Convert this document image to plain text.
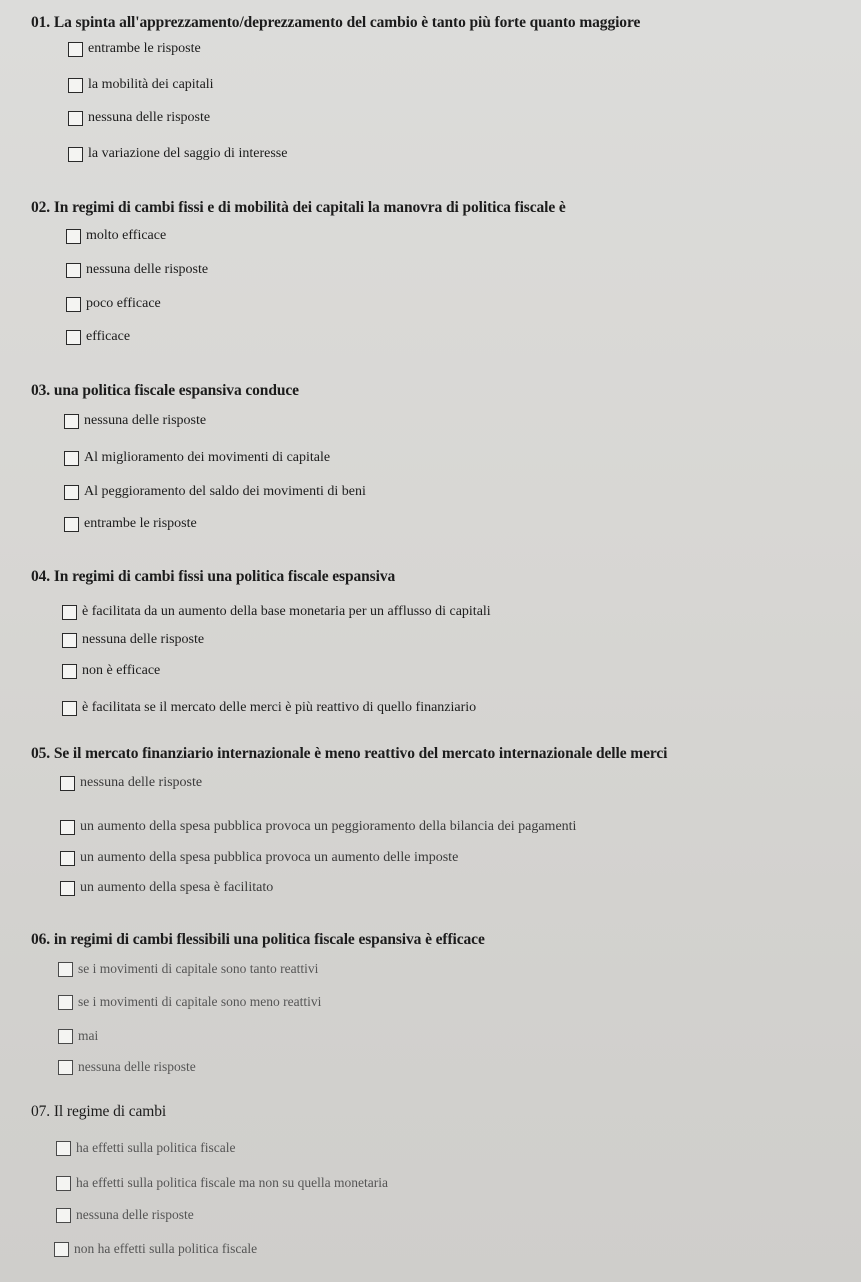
01. La spinta all'apprezzamento/deprezzamento del cambio è tanto più forte quanto maggiore
entrambe le risposte
la mobilità dei capitali
nessuna delle risposte
la variazione del saggio di interesse
02. In regimi di cambi fissi e di mobilità dei capitali la manovra di politica fiscale è
molto efficace
nessuna delle risposte
poco efficace
efficace
03. una politica fiscale espansiva conduce
nessuna delle risposte
Al miglioramento dei movimenti di capitale
Al peggioramento del saldo dei movimenti di beni
entrambe le risposte
04. In regimi di cambi fissi una politica fiscale espansiva
è facilitata da un aumento della base monetaria per un afflusso di capitali
nessuna delle risposte
non è efficace
è facilitata se il mercato delle merci è più reattivo di quello finanziario
05. Se il mercato finanziario internazionale è meno reattivo del mercato internazionale delle merci
nessuna delle risposte
un aumento della spesa pubblica provoca un peggioramento della bilancia dei pagamenti
un aumento della spesa pubblica provoca un aumento delle imposte
un aumento della spesa è facilitato
06. in regimi di cambi flessibili una politica fiscale espansiva è efficace
se i movimenti di capitale sono tanto reattivi
se i movimenti di capitale sono meno reattivi
mai
nessuna delle risposte
07. Il regime di cambi
ha effetti sulla politica fiscale
ha effetti sulla politica fiscale ma non su quella monetaria
nessuna delle risposte
non ha effetti sulla politica fiscale
